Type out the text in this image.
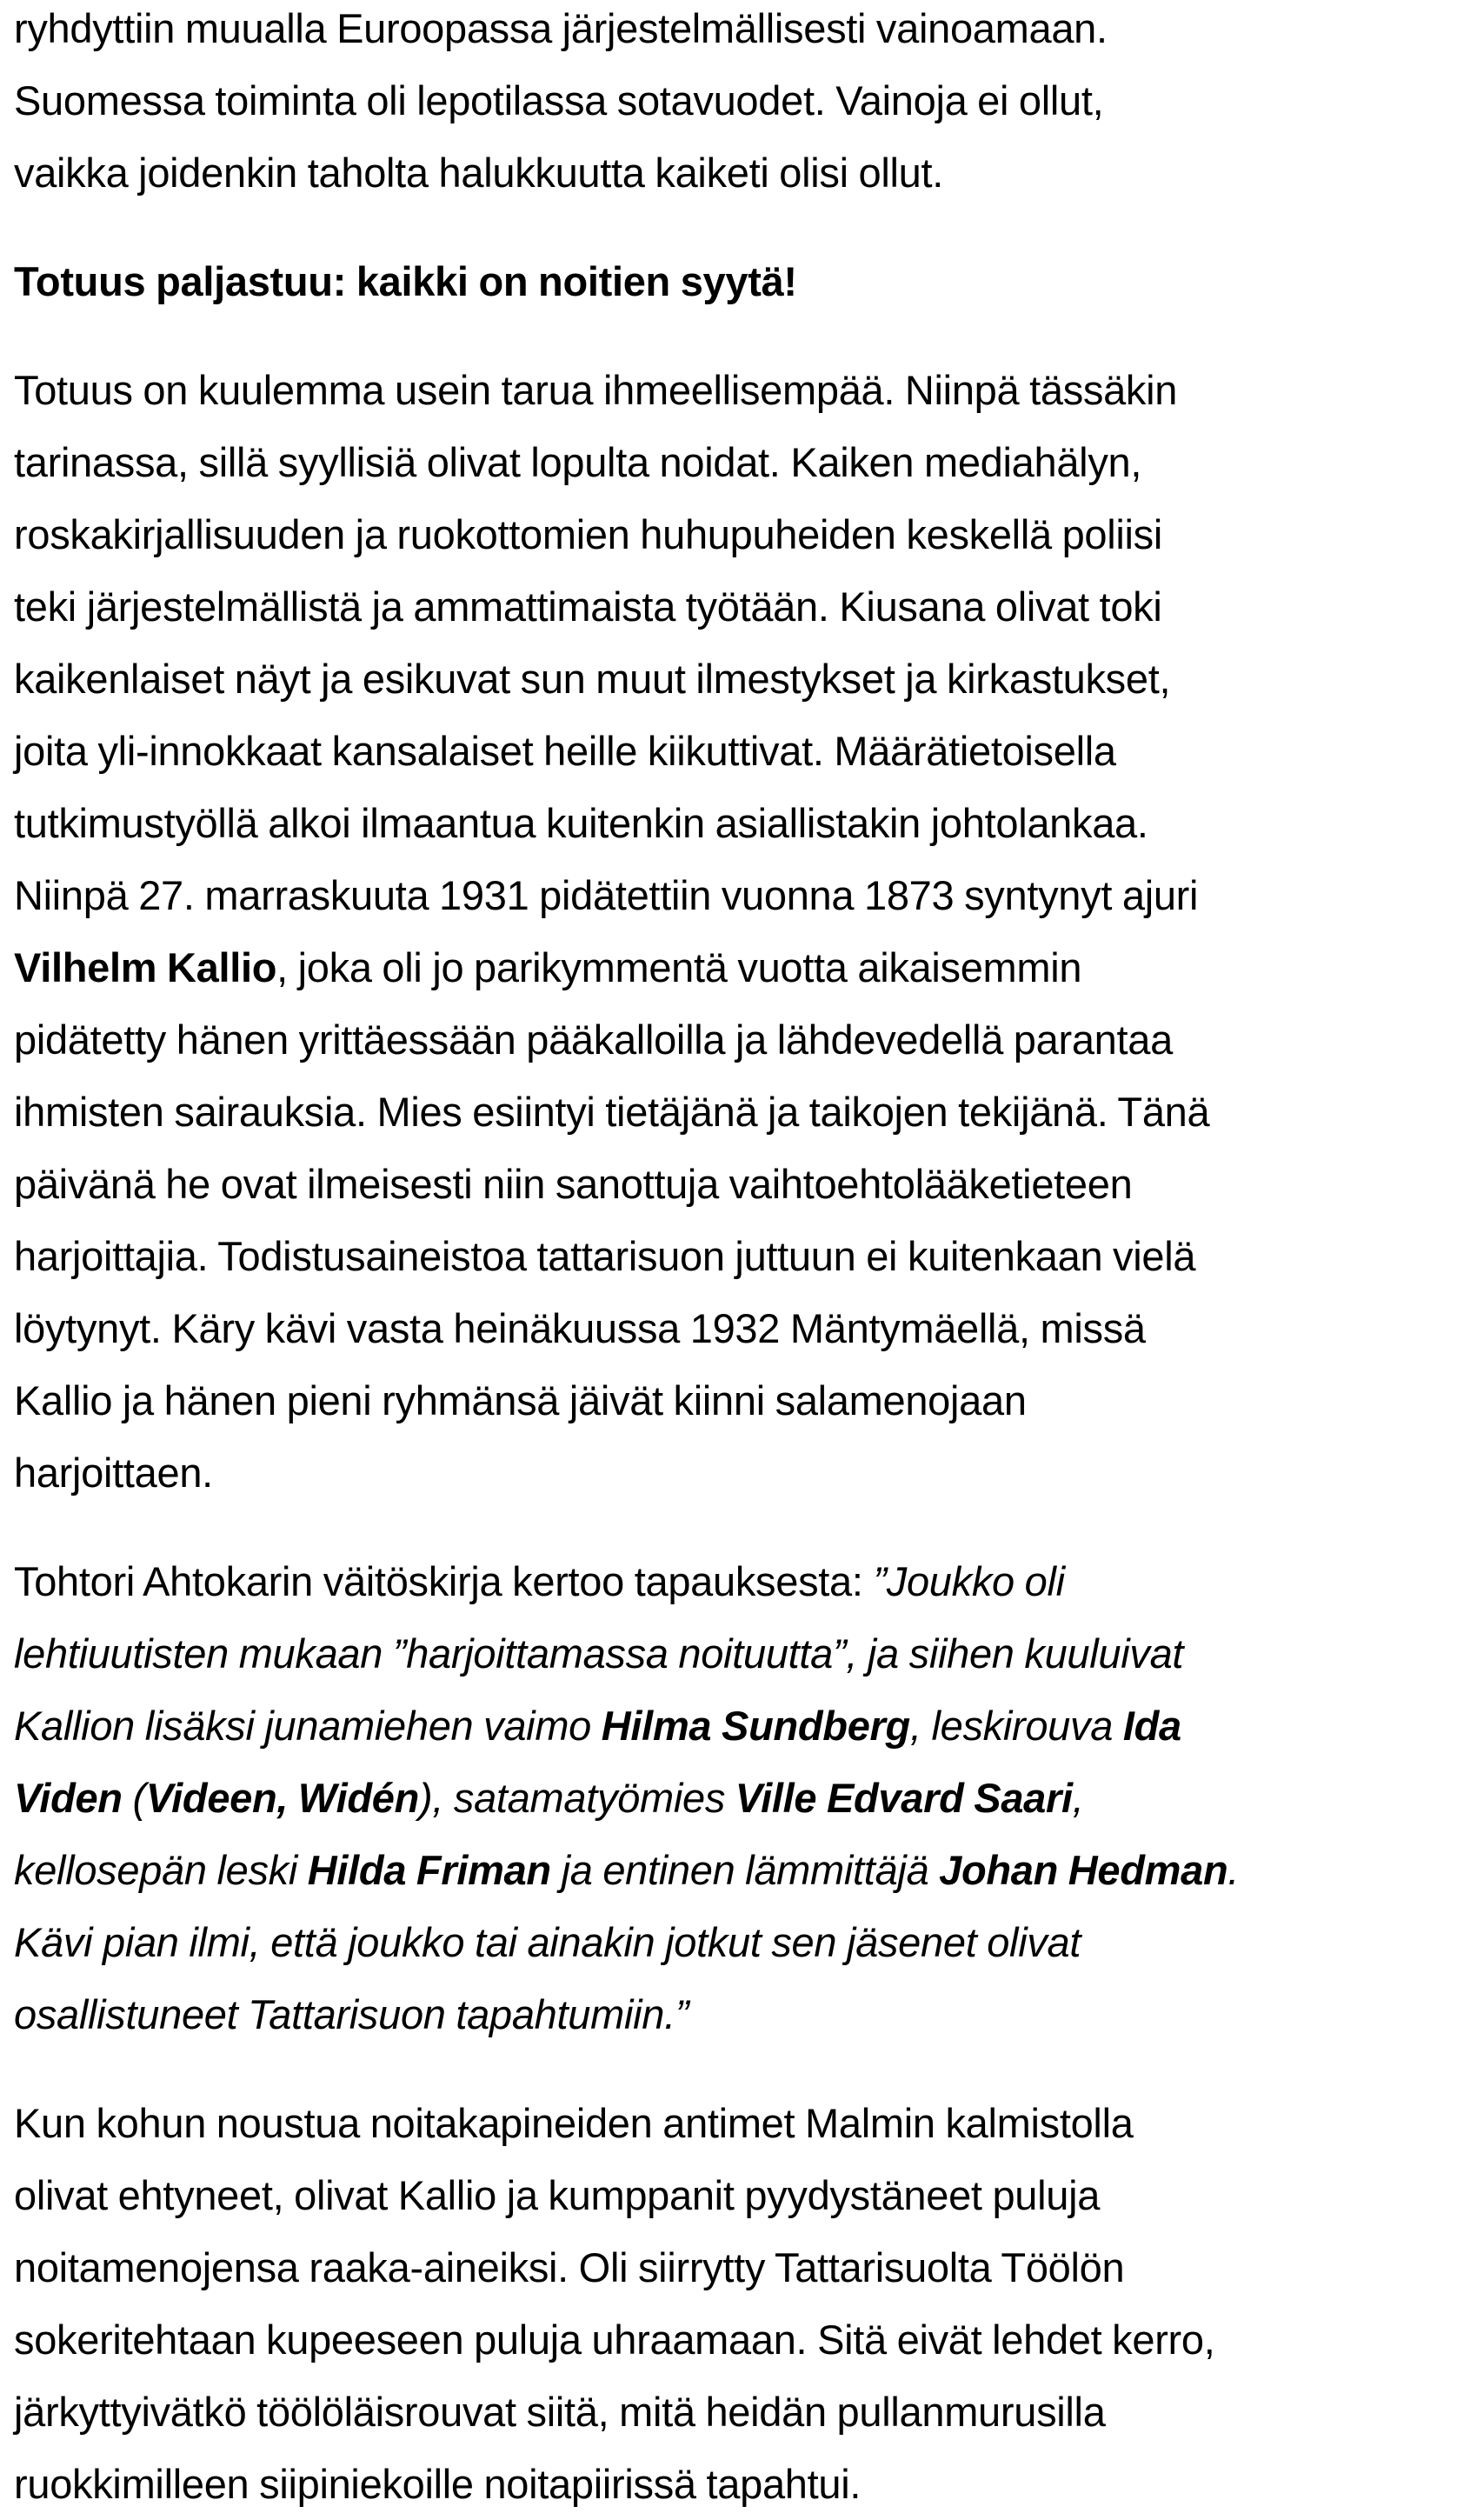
ryhdyttiin muualla Euroopassa järjestelmällisesti vainoamaan.
Suomessa toiminta oli lepotilassa sotavuodet. Vainoja ei ollut,
vaikka joidenkin taholta halukkuutta kaiketi olisi ollut.

Totuus paljastuu: kaikki on noitien syytä!

Totuus on kuulemma usein tarua ihmeellisempää. Niinpä tässäkin
tarinassa, sillä syyllisiä olivat lopulta noidat. Kaiken mediahälyn,
roskakirjallisuuden ja ruokottomien huhupuheiden keskellä poliisi
teki järjestelmällistä ja ammattimaista työtään. Kiusana olivat toki
kaikenlaiset näyt ja esikuvat sun muut ilmestykset ja kirkastukset,
joita yli-innokkaat kansalaiset heille kiikuttivat. Määrätietoisella
tutkimustyöllä alkoi ilmaantua kuitenkin asiallistakin johtolankaa.
Niinpä 27. marraskuuta 1931 pidätettiin vuonna 1873 syntynyt ajuri
Vilhelm Kallio, joka oli jo parikymmentä vuotta aikaisemmin
pidätetty hänen yrittäessään pääkalloilla ja lähdevedellä parantaa
ihmisten sairauksia. Mies esiintyi tietäjänä ja taikojen tekijänä. Tänä
päivänä he ovat ilmeisesti niin sanottuja vaihtoehtolääketieteen
harjoittajia. Todistusaineistoa tattarisuon juttuun ei kuitenkaan vielä
löytynyt. Käry kävi vasta heinäkuussa 1932 Mäntymäellä, missä
Kallio ja hänen pieni ryhmänsä jäivät kiinni salamenojaan
harjoittaen.

Tohtori Ahtokarin väitöskirja kertoo tapauksesta: ”Joukko oli
lehtiuutisten mukaan ”harjoittamassa noituutta”, ja siihen kuuluivat
Kallion lisäksi junamiehen vaimo Hilma Sundberg, leskirouva Ida
Viden (Videen, Widén), satamatyömies Ville Edvard Saari,
kellosepän leski Hilda Friman ja entinen lämmittäjä Johan Hedman.
Kävi pian ilmi, että joukko tai ainakin jotkut sen jäsenet olivat
osallistuneet Tattarisuon tapahtumiin.”

Kun kohun noustua noitakapineiden antimet Malmin kalmistolla
olivat ehtyneet, olivat Kallio ja kumppanit pyydystäneet puluja
noitamenojensa raaka-aineiksi. Oli siirrytty Tattarisuolta Töölön
sokeritehtaan kupeeseen puluja uhraamaan. Sitä eivät lehdet kerro,
järkyttyivätkö töölöläisrouvat siitä, mitä heidän pullanmurusilla
ruokkimilleen siipiniekoille noitapiirissä tapahtui.
